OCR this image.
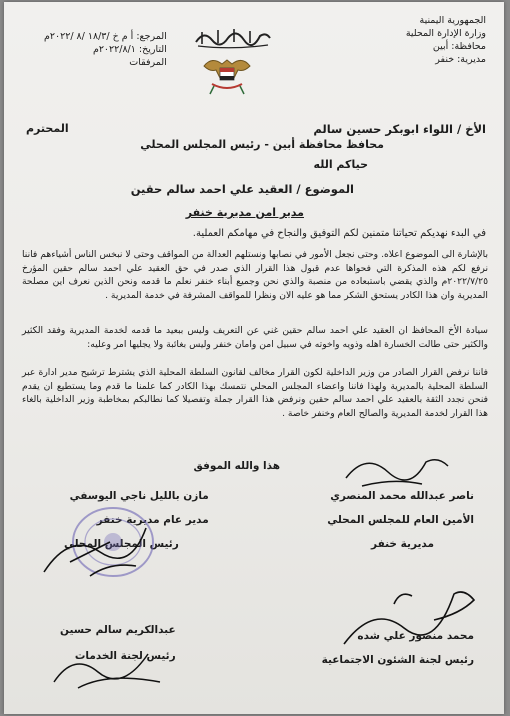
الجمهورية اليمنية
وزارة الإدارة المحلية
محافظة: أبين
مديرية: خنفر
المرجع: أ م خ /١٨/٣ /٨ /٢٠٢٢م
التاريخ: ٢٠٢٢/٨/١م
المرفقات
الأخ / اللواء ابوبكر حسين سالم
المحترم
محافظ محافظة أبين - رئيس المجلس المحلي
حياكم الله
الموضوع / العقيد علي احمد سالم حقين
مدير امن مديرية خنفر
في البدء نهديكم تحياتنا متمنين لكم التوفيق والنجاح في مهامكم العملية.
بالإشارة الى الموضوع اعلاه. وحتى نجعل الأمور في نصابها ونستلهم العدالة من المواقف وحتى لا نبخس الناس أشياءهم فاننا نرفع لكم هذه المذكرة التي فحواها عدم قبول هذا القرار الذي صدر في حق العقيد علي احمد سالم حقين المؤرخ ٢٠٢٢/٧/٢٥م والذي يقضي باستبعاده من منصبة والذي نحن وجميع أبناء خنفر نعلم ما قدمه ونحن الذين نعرف اين مصلحة المديرية وان هذا الكادر يستحق الشكر مما هو عليه الان ونظرا للمواقف المشرفة في خدمة المديرية .
سيادة الأخ المحافظ ان العقيد علي احمد سالم حقين غني عن التعريف وليس ببعيد ما قدمه لخدمة المديرية وفقد الكثير والكثير حتى طالت الخسارة اهله وذويه واخوته في سبيل امن وامان خنفر وليس بغائبة ولا يجليها امر وعليه:
فاننا نرفض القرار الصادر من وزير الداخلية لكون القرار مخالف لقانون السلطة المحلية الذي يشترط ترشيح مدير ادارة عبر السلطة المحلية بالمديرية ولهذا فاننا واعضاء المجلس المحلي نتمسك بهذا الكادر كما علمنا ما قدم وما يستطيع ان يقدم فنحن نجدد الثقة بالعقيد علي احمد سالم حقين ونرفض هذا القرار جملة وتفصيلا كما نطالبكم بمخاطبة وزير الداخلية بالغاء هذا القرار لخدمة المديرية والصالح العام وخنفر خاصة .
هذا والله الموفق
ناصر عبدالله محمد المنصري
الأمين العام للمجلس المحلي
مديرية خنفر
مازن بالليل ناجي اليوسفي
مدير عام مديرية خنفر
رئيس المجلس المحلي
محمد منصور علي شده
رئيس لجنة الشئون الاجتماعية
عبدالكريم سالم حسين
رئيس لجنة الخدمات
